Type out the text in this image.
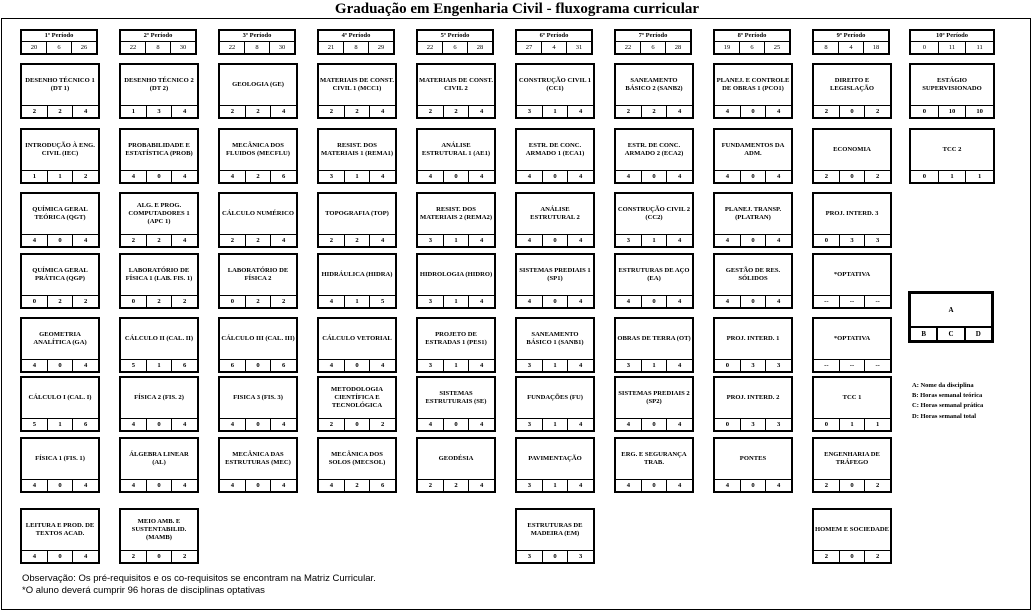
Graduação em Engenharia Civil - fluxograma curricular
1º Período
20	6	26
2º Período
22	8	30
3º Período
22	8	30
4º Período
21	8	29
5º Período
22	6	28
6º Período
27	4	31
7º Período
22	6	28
8º Período
19	6	25
9º Período
8	4	18
10º Período
0	11	11
DESENHO TÉCNICO 1 (DT 1)
2	2	4
INTRODUÇÃO À ENG. CIVIL (IEC)
1	1	2
QUÍMICA GERAL TEÓRICA (QGT)
4	0	4
QUÍMICA GERAL PRÁTICA (QGP)
0	2	2
GEOMETRIA ANALÍTICA (GA)
4	0	4
CÁLCULO I (CAL. I)
5	1	6
FÍSICA 1 (FIS. 1)
4	0	4
LEITURA E PROD. DE TEXTOS ACAD.
4	0	4
DESENHO TÉCNICO 2 (DT 2)
1	3	4
PROBABILIDADE E ESTATÍSTICA (PROB)
4	0	4
ALG. E PROG. COMPUTADORES 1 (APC 1)
2	2	4
LABORATÓRIO DE FÍSICA 1 (LAB. FIS. 1)
0	2	2
CÁLCULO II (CAL. II)
5	1	6
FÍSICA 2 (FIS. 2)
4	0	4
ÁLGEBRA LINEAR (AL)
4	0	4
MEIO AMB. E SUSTENTABILID. (MAMB)
2	0	2
GEOLOGIA (GE)
2	2	4
MECÂNICA DOS FLUIDOS (MECFLU)
4	2	6
CÁLCULO NUMÉRICO
2	2	4
LABORATÓRIO DE FÍSICA 2
0	2	2
CÁLCULO III (CAL. III)
6	0	6
FISICA 3 (FIS. 3)
4	0	4
MECÂNICA DAS ESTRUTURAS (MEC)
4	0	4
MATERIAIS DE CONST. CIVIL 1 (MCC1)
2	2	4
RESIST. DOS MATERIAIS 1 (REMA1)
3	1	4
TOPOGRAFIA (TOP)
2	2	4
HIDRÁULICA (HIDRA)
4	1	5
CÁLCULO VETORIAL
4	0	4
METODOLOGIA CIENTÍFICA E TECNOLÓGICA
2	0	2
MECÂNICA DOS SOLOS (MECSOL)
4	2	6
MATERIAIS DE CONST. CIVIL 2
2	2	4
ANÁLISE ESTRUTURAL 1 (AE1)
4	0	4
RESIST. DOS MATERIAIS 2 (REMA2)
3	1	4
HIDROLOGIA (HIDRO)
3	1	4
PROJETO DE ESTRADAS 1 (PES1)
3	1	4
SISTEMAS ESTRUTURAIS (SE)
4	0	4
GEODÉSIA
2	2	4
CONSTRUÇÃO CIVIL 1 (CC1)
3	1	4
ESTR. DE CONC. ARMADO 1 (ECA1)
4	0	4
ANÁLISE ESTRUTURAL 2
4	0	4
SISTEMAS PREDIAIS 1 (SP1)
4	0	4
SANEAMENTO BÁSICO 1 (SANB1)
3	1	4
FUNDAÇÕES (FU)
3	1	4
PAVIMENTAÇÃO
3	1	4
ESTRUTURAS DE MADEIRA (EM)
3	0	3
SANEAMENTO BÁSICO 2 (SANB2)
2	2	4
ESTR. DE CONC. ARMADO 2 (ECA2)
4	0	4
CONSTRUÇÃO CIVIL 2 (CC2)
3	1	4
ESTRUTURAS DE AÇO (EA)
4	0	4
OBRAS DE TERRA (OT)
3	1	4
SISTEMAS PREDIAIS 2 (SP2)
4	0	4
ERG. E SEGURANÇA TRAB.
4	0	4
PLANEJ. E CONTROLE DE OBRAS 1 (PCO1)
4	0	4
FUNDAMENTOS DA ADM.
4	0	4
PLANEJ. TRANSP. (PLATRAN)
4	0	4
GESTÃO DE RES. SÓLIDOS
4	0	4
PROJ. INTERD. 1
0	3	3
PROJ. INTERD. 2
0	3	3
PONTES
4	0	4
DIREITO E LEGISLAÇÃO
2	0	2
ECONOMIA
2	0	2
PROJ. INTERD. 3
0	3	3
*OPTATIVA
--	--	--
*OPTATIVA
--	--	--
TCC 1
0	1	1
ENGENHARIA DE TRÁFEGO
2	0	2
HOMEM E SOCIEDADE
2	0	2
ESTÁGIO SUPERVISIONADO
0	10	10
TCC 2
0	1	1
A
B	C	D
A: Nome da disciplina
B: Horas semanal teórica
C: Horas semanal prática
D: Horas semanal total
Observação: Os pré-requisitos e os co-requisitos se encontram na Matriz Curricular.
*O aluno deverá cumprir 96 horas de disciplinas optativas
